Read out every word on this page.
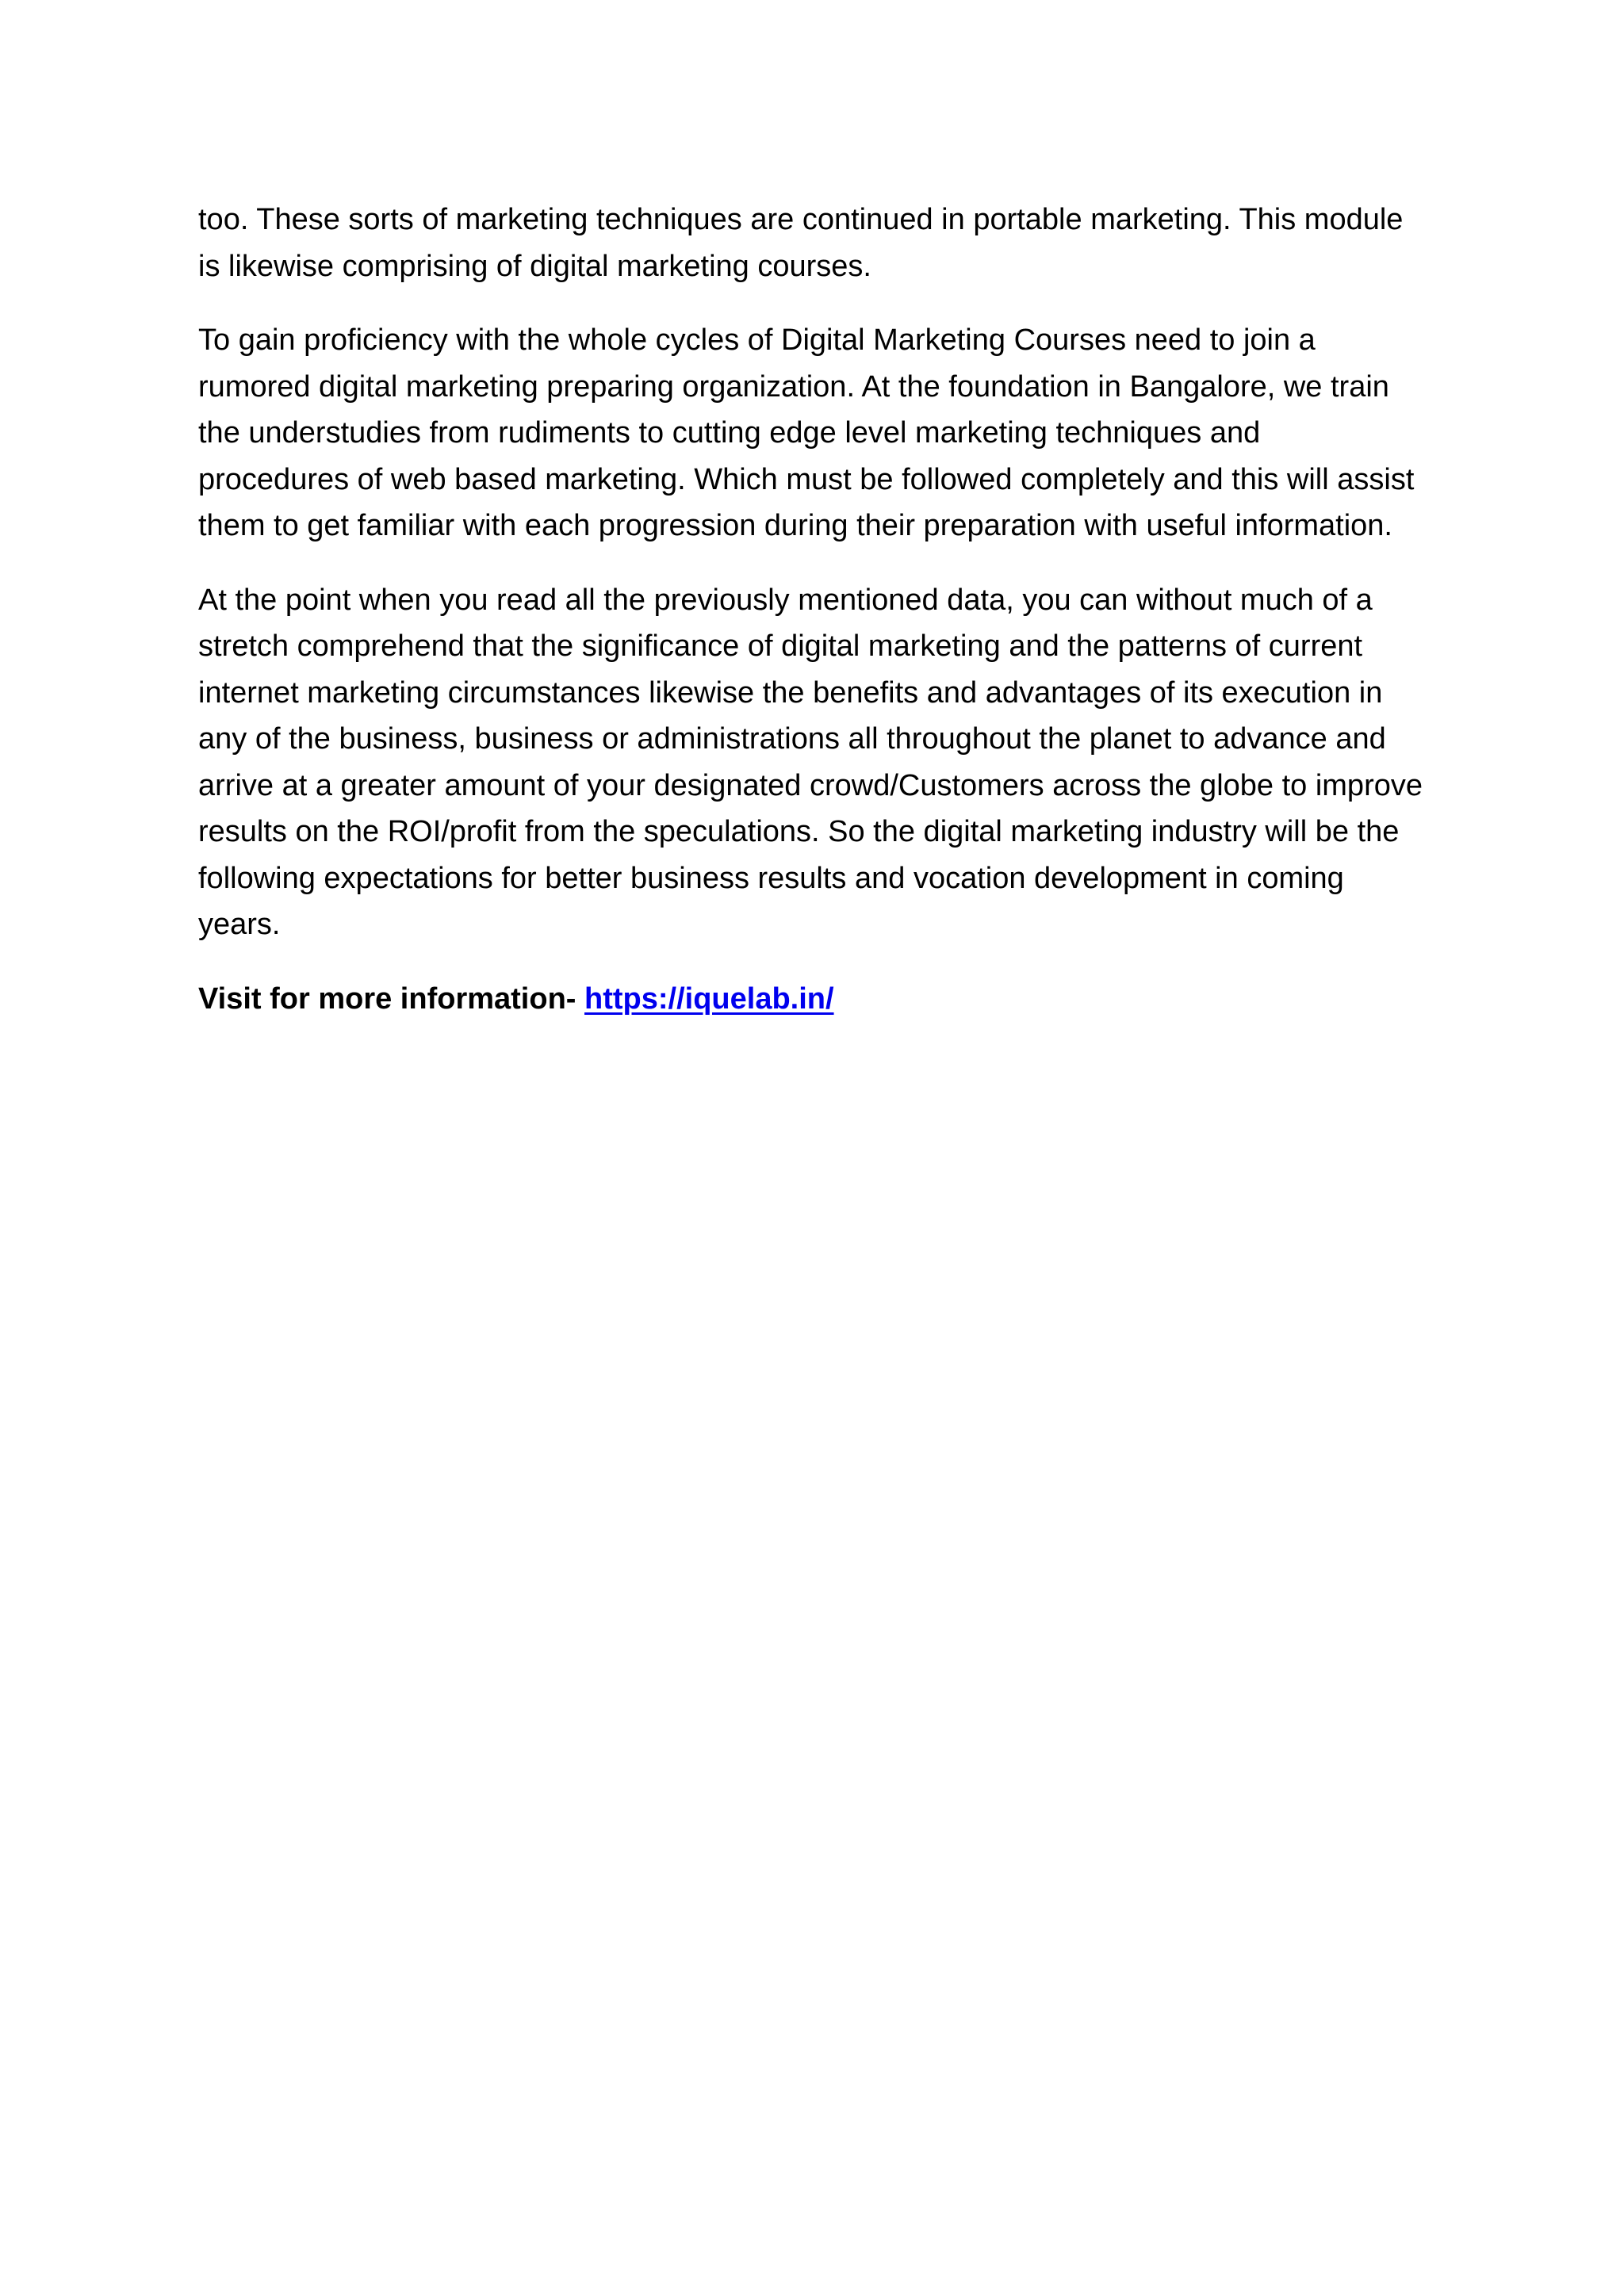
too. These sorts of marketing techniques are continued in portable marketing. This module
is likewise comprising of digital marketing courses.

To gain proficiency with the whole cycles of Digital Marketing Courses need to join a
rumored digital marketing preparing organization. At the foundation in Bangalore, we train
the understudies from rudiments to cutting edge level marketing techniques and
procedures of web based marketing. Which must be followed completely and this will assist
them to get familiar with each progression during their preparation with useful information.

At the point when you read all the previously mentioned data, you can without much of a
stretch comprehend that the significance of digital marketing and the patterns of current
internet marketing circumstances likewise the benefits and advantages of its execution in
any of the business, business or administrations all throughout the planet to advance and
arrive at a greater amount of your designated crowd/Customers across the globe to improve
results on the ROI/profit from the speculations. So the digital marketing industry will be the
following expectations for better business results and vocation development in coming
years.

Visit for more information- https://iquelab.in/
